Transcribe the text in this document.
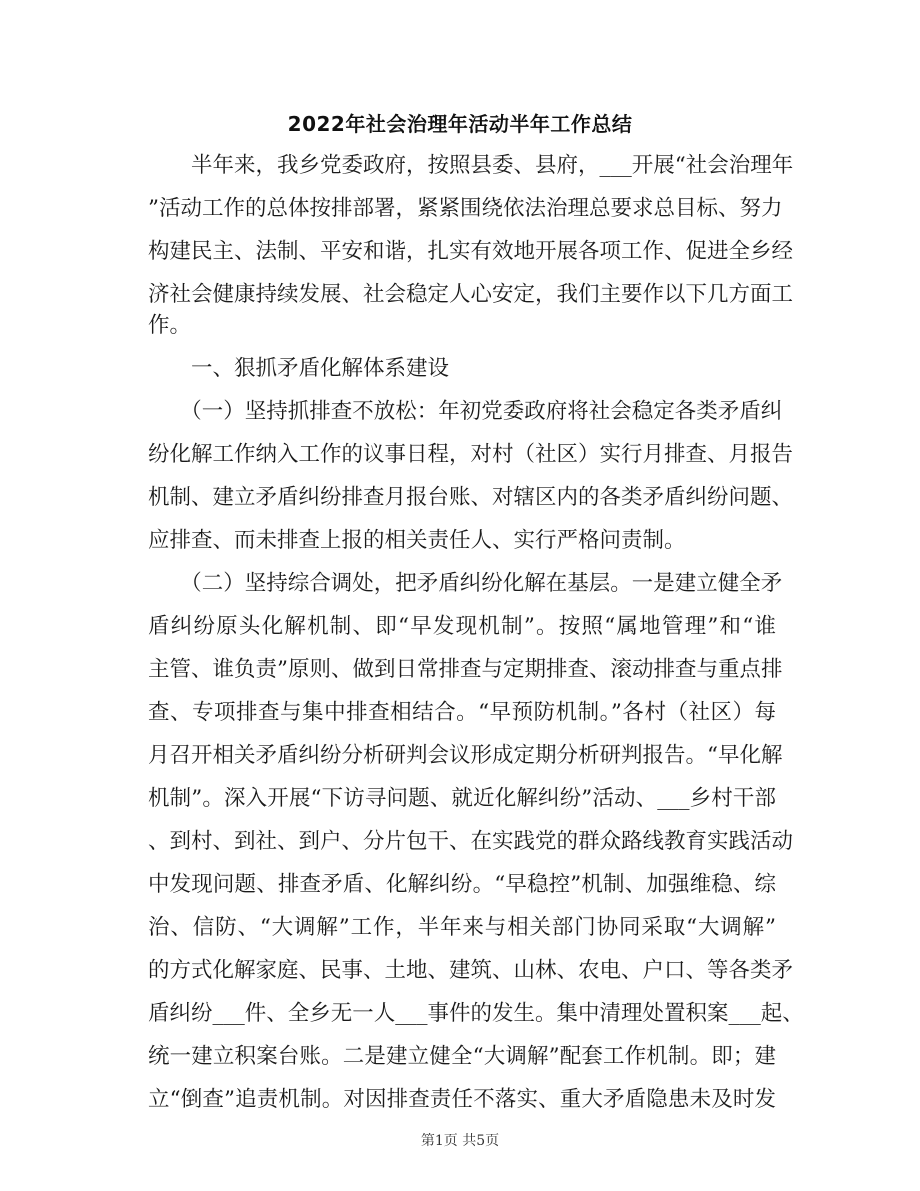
2022年社会治理年活动半年工作总结
　　半年来，我乡党委政府，按照县委、县府，___开展“社会治理年
”活动工作的总体按排部署，紧紧围绕依法治理总要求总目标、努力
构建民主、法制、平安和谐，扎实有效地开展各项工作、促进全乡经
济社会健康持续发展、社会稳定人心安定，我们主要作以下几方面工
作。
　　一、狠抓矛盾化解体系建设
　　（一）坚持抓排查不放松：年初党委政府将社会稳定各类矛盾纠
纷化解工作纳入工作的议事日程，对村（社区）实行月排查、月报告
机制、建立矛盾纠纷排查月报台账、对辖区内的各类矛盾纠纷问题、
应排查、而未排查上报的相关责任人、实行严格问责制。
　　（二）坚持综合调处，把矛盾纠纷化解在基层。一是建立健全矛
盾纠纷原头化解机制、即“早发现机制”。按照“属地管理”和“谁
主管、谁负责”原则、做到日常排查与定期排查、滚动排查与重点排
查、专项排查与集中排查相结合。“早预防机制。”各村（社区）每
月召开相关矛盾纠纷分析研判会议形成定期分析研判报告。“早化解
机制”。深入开展“下访寻问题、就近化解纠纷”活动、___乡村干部
、到村、到社、到户、分片包干、在实践党的群众路线教育实践活动
中发现问题、排查矛盾、化解纠纷。“早稳控”机制、加强维稳、综
治、信防、“大调解”工作，半年来与相关部门协同采取“大调解”
的方式化解家庭、民事、土地、建筑、山林、农电、户口、等各类矛
盾纠纷___件、全乡无一人___事件的发生。集中清理处置积案___起、
统一建立积案台账。二是建立健全“大调解”配套工作机制。即；建
立“倒查”追责机制。对因排查责任不落实、重大矛盾隐患未及时发
第1页 共5页
